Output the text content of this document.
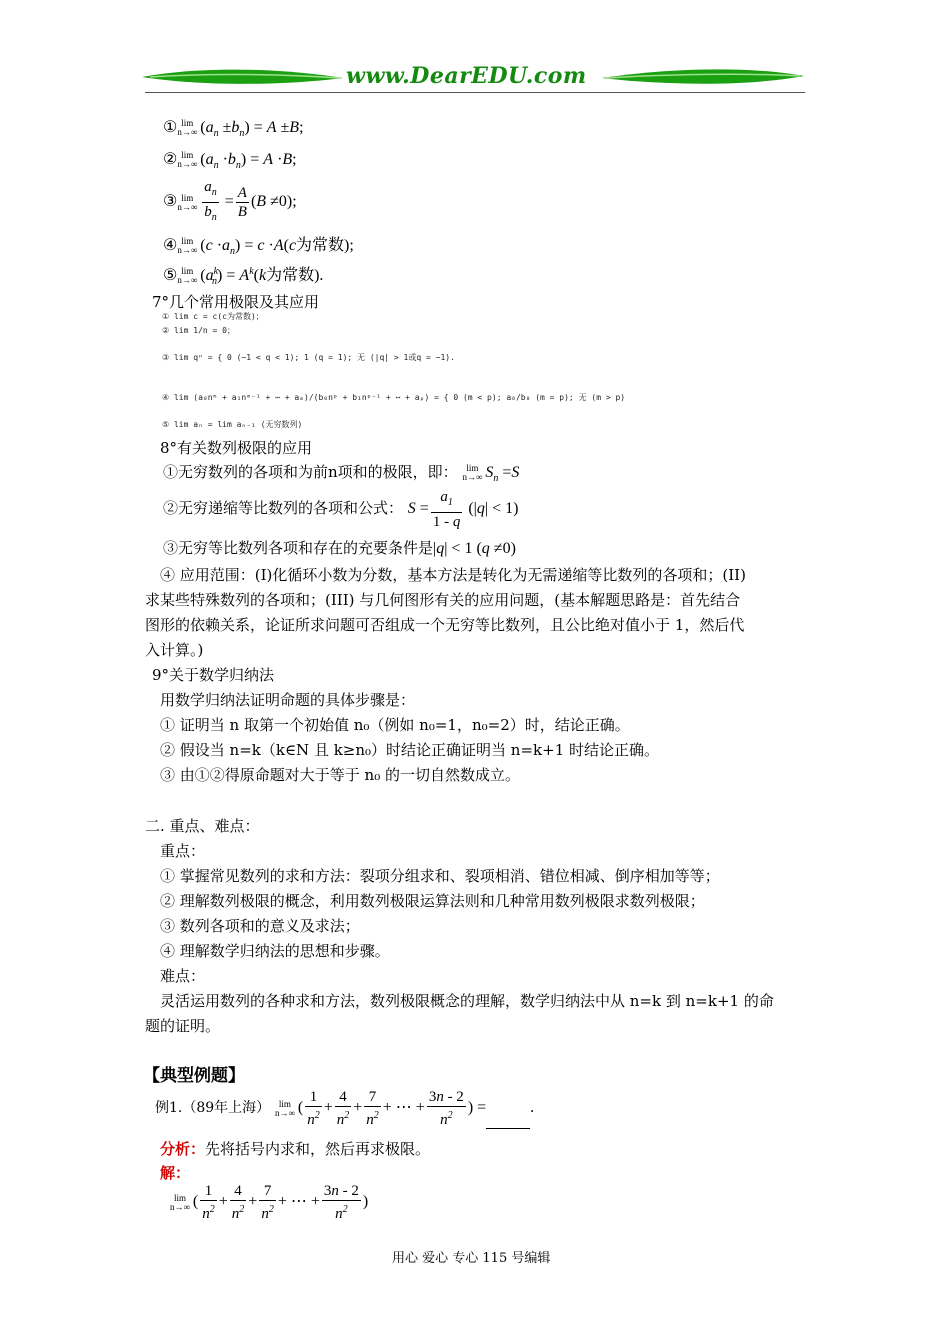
www.DearEDU.com
① lim
n→∞ $(a_n \pm b_n) = A \pm B$;
② lim
n→∞ $(a_n \cdot b_n) = A \cdot B$;
③ lim
$n\to\infty \frac{a_n}{b_n} = \frac{A}{B} (B \ne 0)$;
④ lim
n→∞ $(c \cdot a_n) = c \cdot A(c$为常数);
⑤ lim
n→∞ $(a^k_n) = A^k(k$为常数).
7°几个常用极限及其应用
① lim c = c(c为常数)；
② lim 1/n = 0；
③ lim qⁿ = { 0 (−1 < q < 1); 1 (q = 1); 无 (|q| > 1或q = −1).
④ lim (a₀nᵐ + a₁nᵐ⁻¹ + ⋯ + aₘ)/(b₀nᵖ + b₁nᵖ⁻¹ + ⋯ + aₚ) = { 0 (m < p); a₀/b₀ (m = p); 无 (m > p)
⑤ lim aₙ = lim aₙ₋₁ (无穷数列)
8°有关数列极限的应用
①无穷数列的各项和为前n项和的极限，即： lim
n→∞ $S_n =S$
②无穷递缩等比数列的各项和公式： $S = \frac{a_1}{1 - q} (|q| < 1)$
③无穷等比数列各项和存在的充要条件是|q| < 1 (q ≠0)
④ 应用范围：(I)化循环小数为分数，基本方法是转化为无需递缩等比数列的各项和；(II)
求某些特殊数列的各项和；(III) 与几何图形有关的应用问题，(基本解题思路是：首先结合
图形的依赖关系，论证所求问题可否组成一个无穷等比数列，且公比绝对值小于 1，然后代
入计算。)
9°关于数学归纳法
用数学归纳法证明命题的具体步骤是：
① 证明当 n 取第一个初始值 n₀（例如 n₀=1，n₀=2）时，结论正确。
② 假设当 n=k（k∈N 且 k≥n₀）时结论正确证明当 n=k+1 时结论正确。
③ 由①②得原命题对大于等于 n₀ 的一切自然数成立。
二. 重点、难点：
重点：
① 掌握常见数列的求和方法：裂项分组求和、裂项相消、错位相减、倒序相加等等；
② 理解数列极限的概念，利用数列极限运算法则和几种常用数列极限求数列极限；
③ 数列各项和的意义及求法；
④ 理解数学归纳法的思想和步骤。
难点：
灵活运用数列的各种求和方法，数列极限概念的理解，数学归纳法中从 n=k 到 n=k+1 的命
题的证明。
【典型例题】
例1.（89年上海） lim
n→∞ ( $\frac{1}{n^2} + \frac{4}{n^2} + \frac{7}{n^2}$ + ⋯ + $\frac{3n - 2}{n^2}$ ) =	.
分析：先将括号内求和，然后再求极限。
解：
lim
n→∞ ( $\frac{1}{n^2} + \frac{4}{n^2} + \frac{7}{n^2}$ + ⋯ + $\frac{3n - 2}{n^2}$ )
用心 爱心 专心 115 号编辑
